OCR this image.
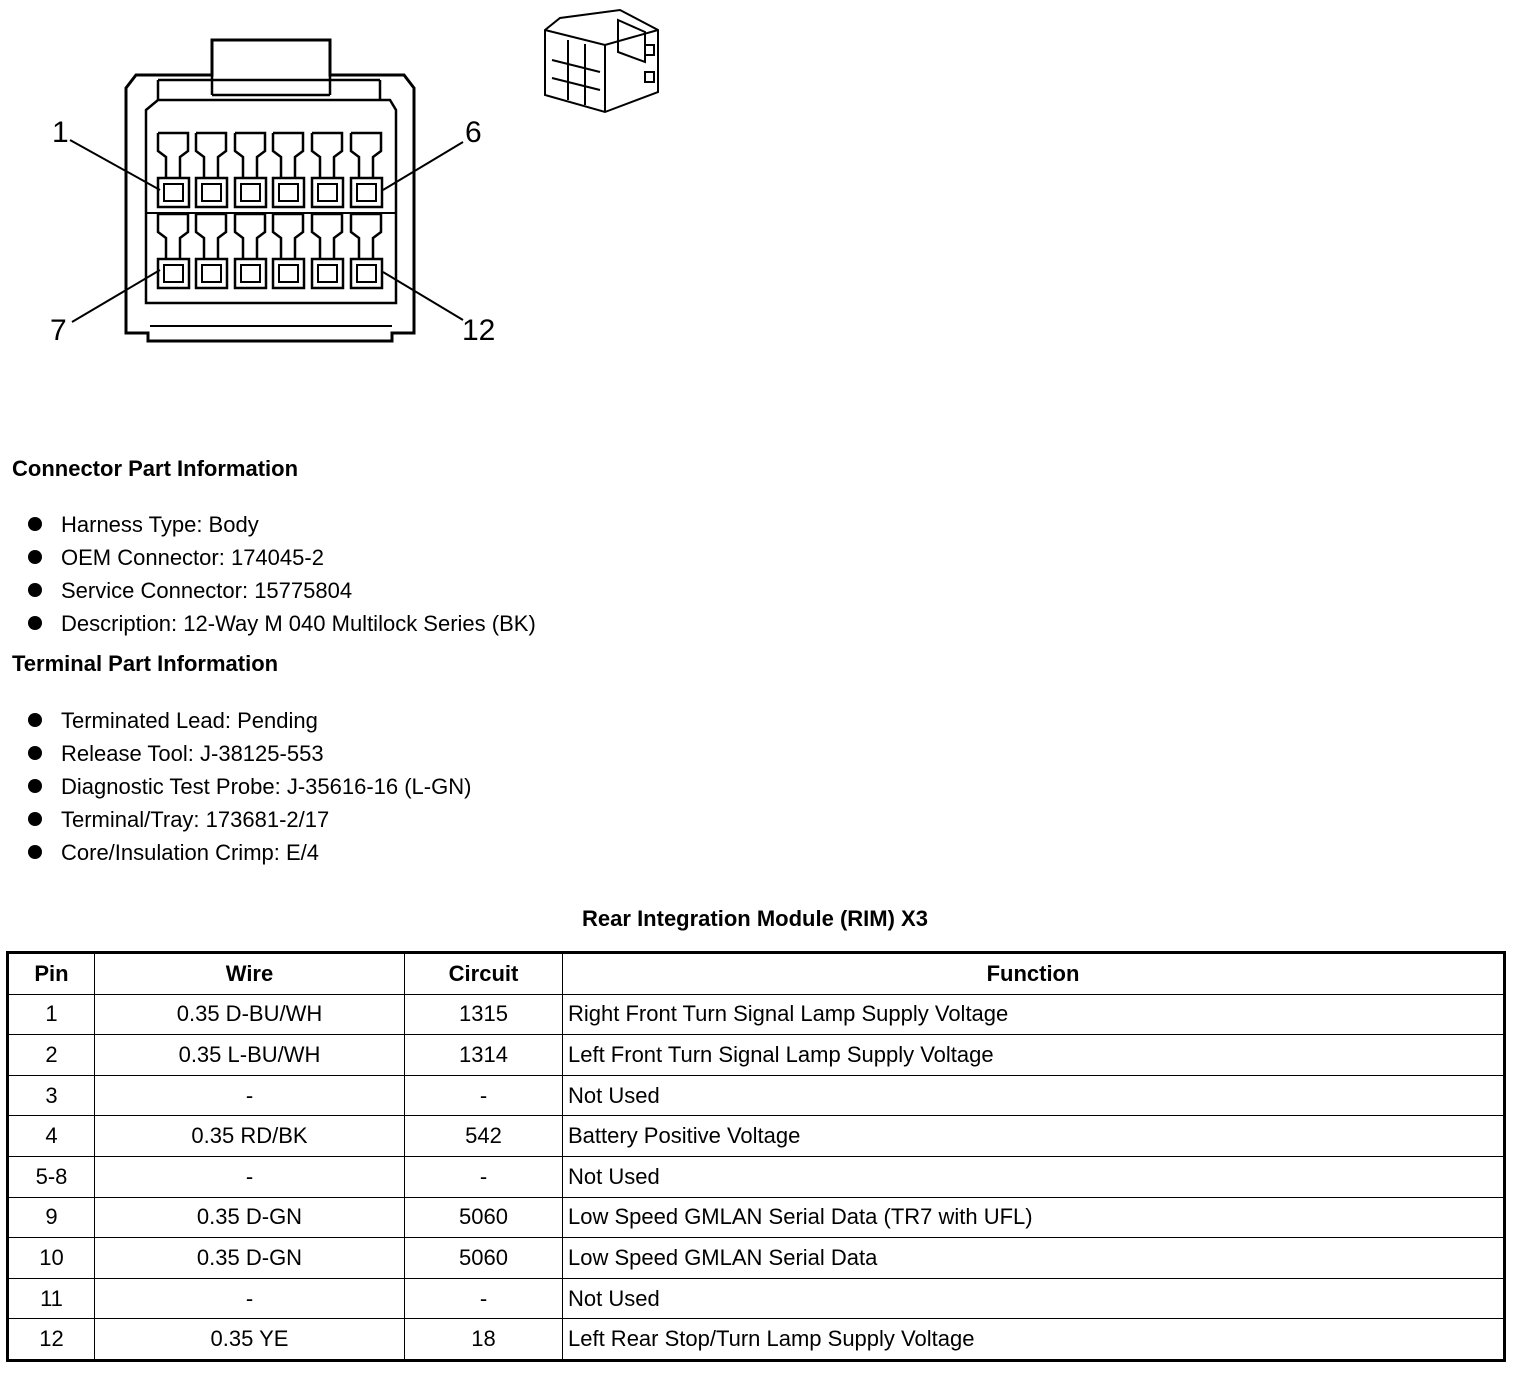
1	6
7	12
Connector Part Information
Harness Type: Body
OEM Connector: 174045-2
Service Connector: 15775804
Description: 12-Way M 040 Multilock Series (BK)
Terminal Part Information
Terminated Lead: Pending
Release Tool: J-38125-553
Diagnostic Test Probe: J-35616-16 (L-GN)
Terminal/Tray: 173681-2/17
Core/Insulation Crimp: E/4
Rear Integration Module (RIM) X3
Pin	Wire	Circuit	Function
1	0.35 D-BU/WH	1315	Right Front Turn Signal Lamp Supply Voltage
2	0.35 L-BU/WH	1314	Left Front Turn Signal Lamp Supply Voltage
3	-	-	Not Used
4	0.35 RD/BK	542	Battery Positive Voltage
5-8	-	-	Not Used
9	0.35 D-GN	5060	Low Speed GMLAN Serial Data (TR7 with UFL)
10	0.35 D-GN	5060	Low Speed GMLAN Serial Data
11	-	-	Not Used
12	0.35 YE	18	Left Rear Stop/Turn Lamp Supply Voltage
